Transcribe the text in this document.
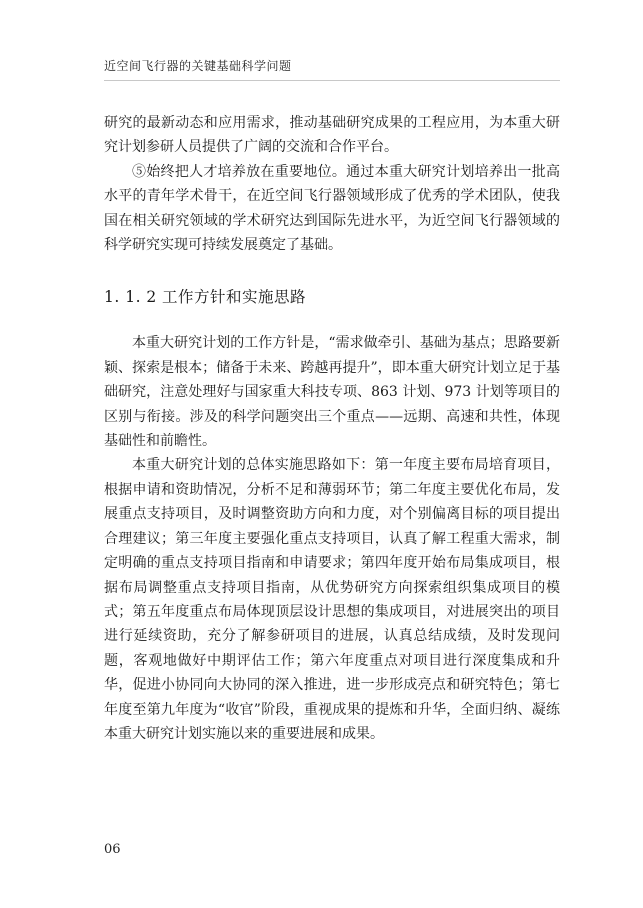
近空间飞行器的关键基础科学问题

研究的最新动态和应用需求，推动基础研究成果的工程应用，为本重大研究计划参研人员提供了广阔的交流和合作平台。

⑤始终把人才培养放在重要地位。通过本重大研究计划培养出一批高水平的青年学术骨干，在近空间飞行器领域形成了优秀的学术团队，使我国在相关研究领域的学术研究达到国际先进水平，为近空间飞行器领域的科学研究实现可持续发展奠定了基础。

1. 1. 2 工作方针和实施思路

本重大研究计划的工作方针是，“需求做牵引、基础为基点；思路要新颖、探索是根本；储备于未来、跨越再提升”，即本重大研究计划立足于基础研究，注意处理好与国家重大科技专项、863 计划、973 计划等项目的区别与衔接。涉及的科学问题突出三个重点——远期、高速和共性，体现基础性和前瞻性。

本重大研究计划的总体实施思路如下：第一年度主要布局培育项目，根据申请和资助情况，分析不足和薄弱环节；第二年度主要优化布局，发展重点支持项目，及时调整资助方向和力度，对个别偏离目标的项目提出合理建议；第三年度主要强化重点支持项目，认真了解工程重大需求，制定明确的重点支持项目指南和申请要求；第四年度开始布局集成项目，根据布局调整重点支持项目指南，从优势研究方向探索组织集成项目的模式；第五年度重点布局体现顶层设计思想的集成项目，对进展突出的项目进行延续资助，充分了解参研项目的进展，认真总结成绩，及时发现问题，客观地做好中期评估工作；第六年度重点对项目进行深度集成和升华，促进小协同向大协同的深入推进，进一步形成亮点和研究特色；第七年度至第九年度为“收官”阶段，重视成果的提炼和升华，全面归纳、凝练本重大研究计划实施以来的重要进展和成果。

06
